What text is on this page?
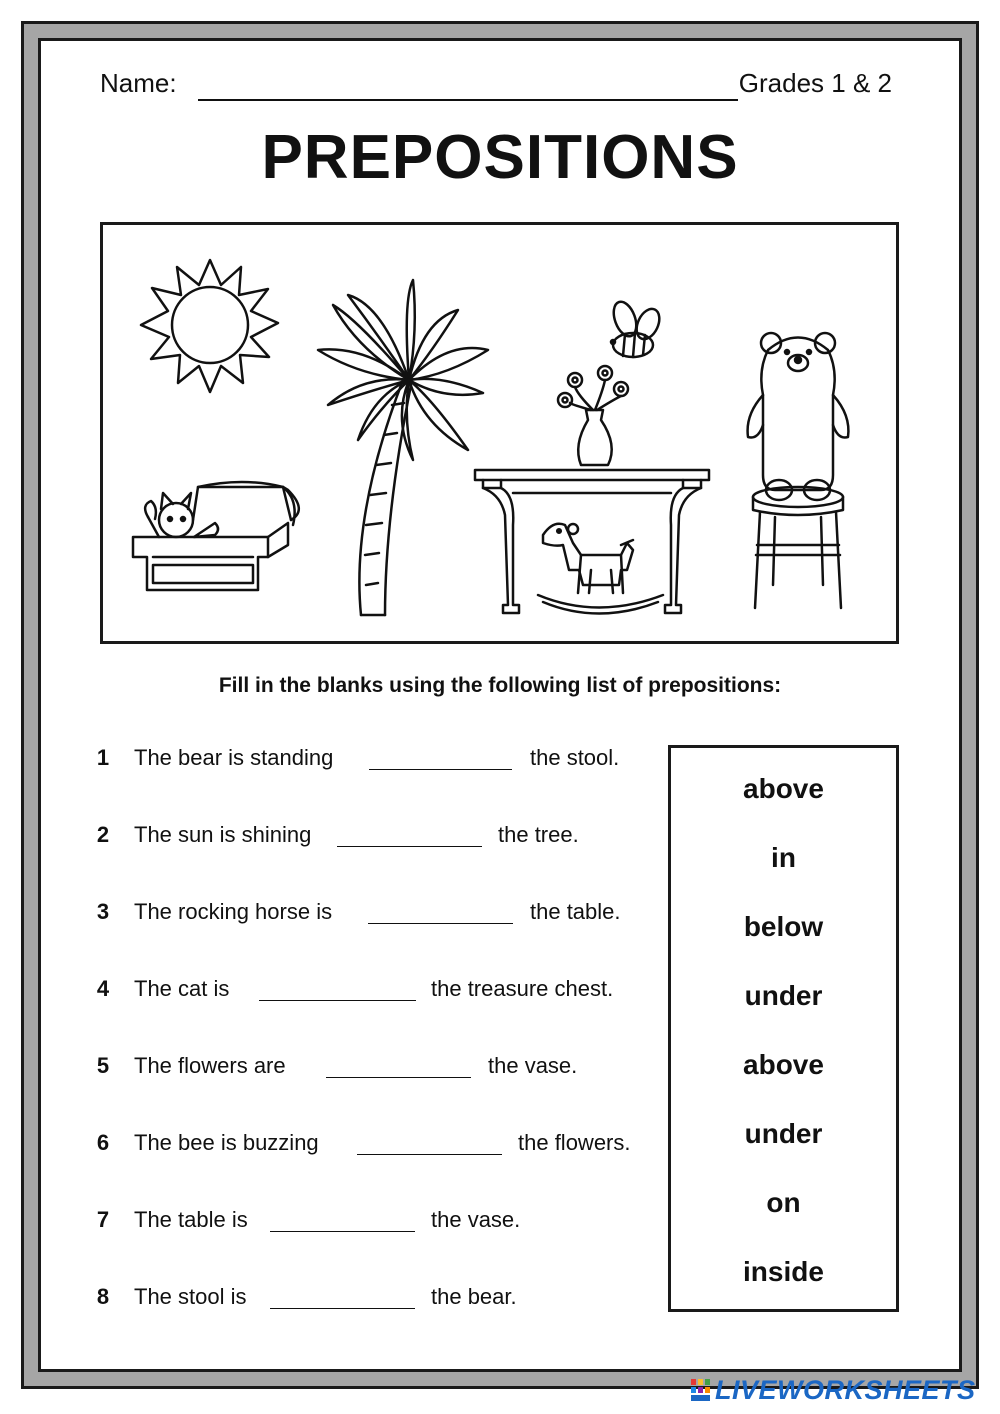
Name:	Grades 1 & 2
PREPOSITIONS
Fill in the blanks using the following list of prepositions:
1 The bear is standing	the stool.
2 The sun is shining	the tree.
3 The rocking horse is	the table.
4 The cat is	the treasure chest.
5 The flowers are	the vase.
6 The bee is buzzing	the flowers.
7 The table is	the vase.
8 The stool is	the bear.
above
in
below
under
above
under
on
inside
LIVEWORKSHEETS
